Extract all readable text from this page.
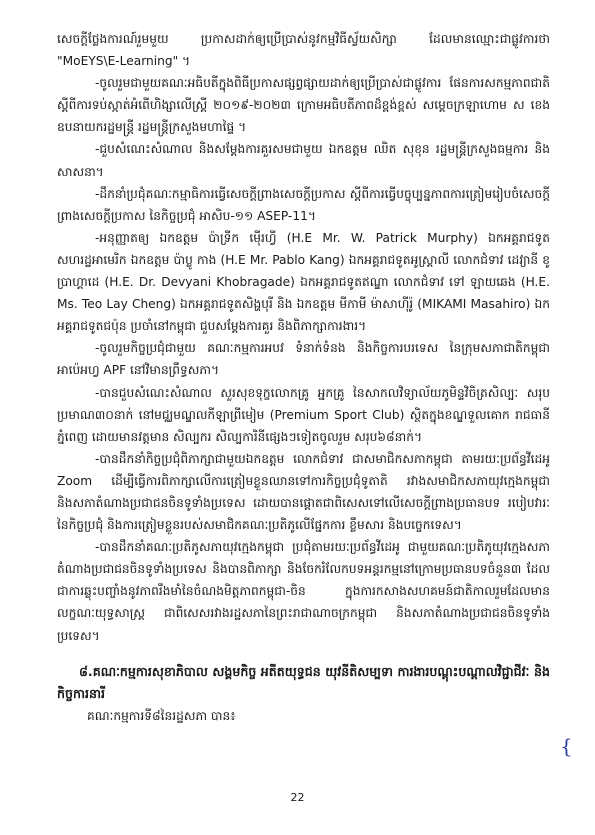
សេចក្ដីថ្លែងការណ៍រួមមួយ ប្រកាសដាក់ឲ្យប្រើប្រាស់នូវកម្មវិធីស្វ័យសិក្សា ដែលមានឈ្មោះជាផ្លូវការថា "MoEYS\E-Learning" ។

-ចូលរួមជាមួយគណៈអធិបតីក្នុងពិធីប្រកាសផ្សព្វផ្សាយដាក់ឲ្យប្រើប្រាស់ជាផ្លូវការ ផែនការសកម្មភាពជាតិស្ដីពីការទប់ស្កាត់អំពើហិង្សាលើស្ត្រី ២០១៩-២០២៣ ក្រោមអធិបតីភាពដ៏ខ្ពង់ខ្ពស់ សម្ដេចក្រឡាហោម ស ខេង ឧបនាយករដ្ឋមន្ត្រី រដ្ឋមន្ត្រីក្រសួងមហាផ្ទៃ ។

-ជួបសំណេះសំណាល និងសម្ដែងការគួរសមជាមួយ ឯកឧត្តម ឈិត សុខុន រដ្ឋមន្ត្រីក្រសួងធម្មការ និងសាសនា។

-ដឹកនាំប្រជុំគណៈកម្មាធិការធ្វើសេចក្ដីព្រាងសេចក្ដីប្រកាស ស្ដីពីការធ្វើបច្ចុប្បន្នភាពការត្រៀមរៀបចំសេចក្ដីព្រាងសេចក្ដីប្រកាស នៃកិច្ចប្រជុំ អាសិប-១១ ASEP-11។

-អនុញ្ញាតឲ្យ ឯកឧត្តម ប៉ាទ្រីក ម៉ើរហ្វី (H.E Mr. W. Patrick Murphy) ឯកអគ្គរាជទូតសហរដ្ឋអាមេរិក ឯកឧត្តម ប៉ាប្លូ កាង (H.E Mr. Pablo Kang) ឯកអគ្គរាជទូតអូស្ត្រាលី លោកជំទាវ ដេវ្យានី ខូប្រាហ្គាដេ (H.E. Dr. Devyani Khobragade) ឯកអគ្គរាជទូតឥណ្ឌា លោកជំទាវ ទៅ ឡាយឆេង (H.E. Ms. Teo Lay Cheng) ឯកអគ្គរាជទូតសិង្ហបុរី និង ឯកឧត្តម មីកាមី ម៉ាសាហ៊ីរ៉ូ (MIKAMI Masahiro) ឯកអគ្គរាជទូតជប៉ុន ប្រចាំនៅកម្ពុជា ជួបសម្ដែងការគួរ និងពិភាក្សាការងារ។

-ចូលរួមកិច្ចប្រជុំជាមួយ គណៈកម្មការអបវ ទំនាក់ទំនង និងកិច្ចការបរទេស នៃក្រុមសភាជាតិកម្ពុជា អាប៉េអហ្វ APF នៅវិមានព្រឹទ្ធសភា។

-បានជួបសំណេះសំណាល សួរសុខទុក្ខលោកគ្រូ អ្នកគ្រូ នៃសាកលវិទ្យាល័យភូមិន្ទវិចិត្រសិល្បៈ សរុបប្រមាណ៣០នាក់ នៅមជ្ឈមណ្ឌលកីឡាព្រីមៀម (Premium Sport Club) ស្ថិតក្នុងខណ្ឌទួលគោក រាជធានីភ្នំពេញ ដោយមានវត្តមាន សិល្បករ សិល្បការិនីផ្សេងៗទៀតចូលរួម សរុប៦៨នាក់។

-បានដឹកនាំកិច្ចប្រជុំពិភាក្សាជាមួយឯកឧត្តម លោកជំទាវ ជាសមាជិកសភាកម្ពុជា តាមរយៈប្រព័ន្ធវីដេអូ Zoom ដើម្បីធ្វើការពិភាក្សាលើការត្រៀមខ្លួនឈានទៅការកិច្ចប្រជុំទូតាតិ រវាងសមាជិកសភាយុវក្មេងកម្ពុជា និងសភាតំណាងប្រជាជនចិនទូទាំងប្រទេស ដោយបានផ្ដោតជាពិសេសទៅលើសេចក្ដីព្រាងប្រធានបទ របៀបវារៈនៃកិច្ចប្រជុំ និងការត្រៀមខ្លួនរបស់សមាជិកគណៈប្រតិភូលើផ្នែកការ ខ្លឹមសារ និងបច្ចេកទេស។

-បានដឹកនាំគណៈប្រតិភូសភាយុវក្មេងកម្ពុជា ប្រជុំតាមរយៈប្រព័ន្ធវីដេអូ ជាមួយគណៈប្រតិភូយុវក្មេងសភាតំណាងប្រជាជនចិនទូទាំងប្រទេស និងបានពិភាក្សា និងចែករំលែកបទអន្តរកម្មនៅក្រោមប្រធានបទចំនួន៣ ដែលជាការឆ្លុះបញ្ចាំងនូវភាពរឹងមាំនៃចំណងមិត្តភាពកម្ពុជា-ចិន ក្នុងការកសាងសហគមន៍ជាតិកាលរួមដែលមានលក្ខណៈយុទ្ធសាស្ត្រ ជាពិសេសរវាងរដ្ឋសភានៃព្រះរាជាណាចក្រកម្ពុជា និងសភាតំណាងប្រជាជនចិនទូទាំងប្រទេស។

៨.គណៈកម្មការសុខាភិបាល សង្គមកិច្ច អតីតយុទ្ធជន យុវនីតិសម្បទា ការងារបណ្ដុះបណ្ដាលវិជ្ជាជីវៈ និងកិច្ចការនារី

គណៈកម្មការទី៨នៃរដ្ឋសភា បាន៖

{
22
